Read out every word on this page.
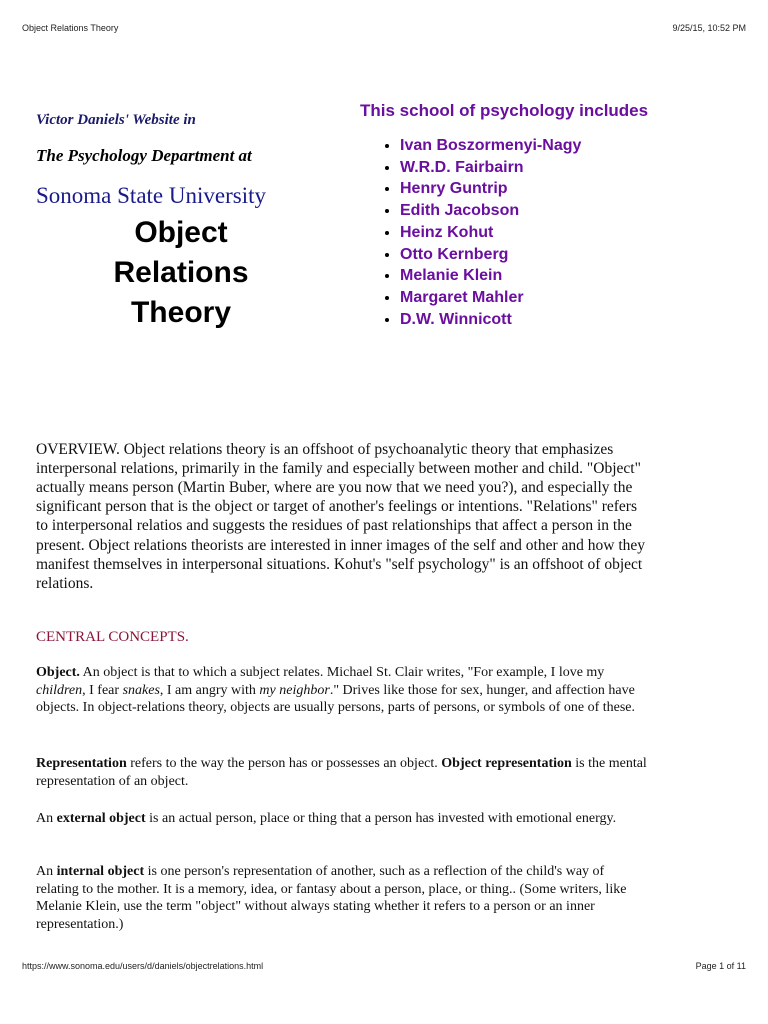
Object Relations Theory	9/25/15, 10:52 PM

Victor Daniels' Website in

The Psychology Department at

Sonoma State University

Object
Relations
Theory

This school of psychology includes

• Ivan Boszormenyi-Nagy
• W.R.D. Fairbairn
• Henry Guntrip
• Edith Jacobson
• Heinz Kohut
• Otto Kernberg
• Melanie Klein
• Margaret Mahler
• D.W. Winnicott

OVERVIEW. Object relations theory is an offshoot of psychoanalytic theory that emphasizes interpersonal relations, primarily in the family and especially between mother and child. "Object" actually means person (Martin Buber, where are you now that we need you?), and especially the significant person that is the object or target of another's feelings or intentions. "Relations" refers to interpersonal relatios and suggests the residues of past relationships that affect a person in the present. Object relations theorists are interested in inner images of the self and other and how they manifest themselves in interpersonal situations. Kohut's "self psychology" is an offshoot of object relations.

CENTRAL CONCEPTS.

Object. An object is that to which a subject relates. Michael St. Clair writes, "For example, I love my children, I fear snakes, I am angry with my neighbor." Drives like those for sex, hunger, and affection have objects. In object-relations theory, objects are usually persons, parts of persons, or symbols of one of these.

Representation refers to the way the person has or possesses an object. Object representation is the mental representation of an object.

An external object is an actual person, place or thing that a person has invested with emotional energy.

An internal object is one person's representation of another, such as a reflection of the child's way of relating to the mother. It is a memory, idea, or fantasy about a person, place, or thing.. (Some writers, like Melanie Klein, use the term "object" without always stating whether it refers to a person or an inner representation.)

https://www.sonoma.edu/users/d/daniels/objectrelations.html	Page 1 of 11
